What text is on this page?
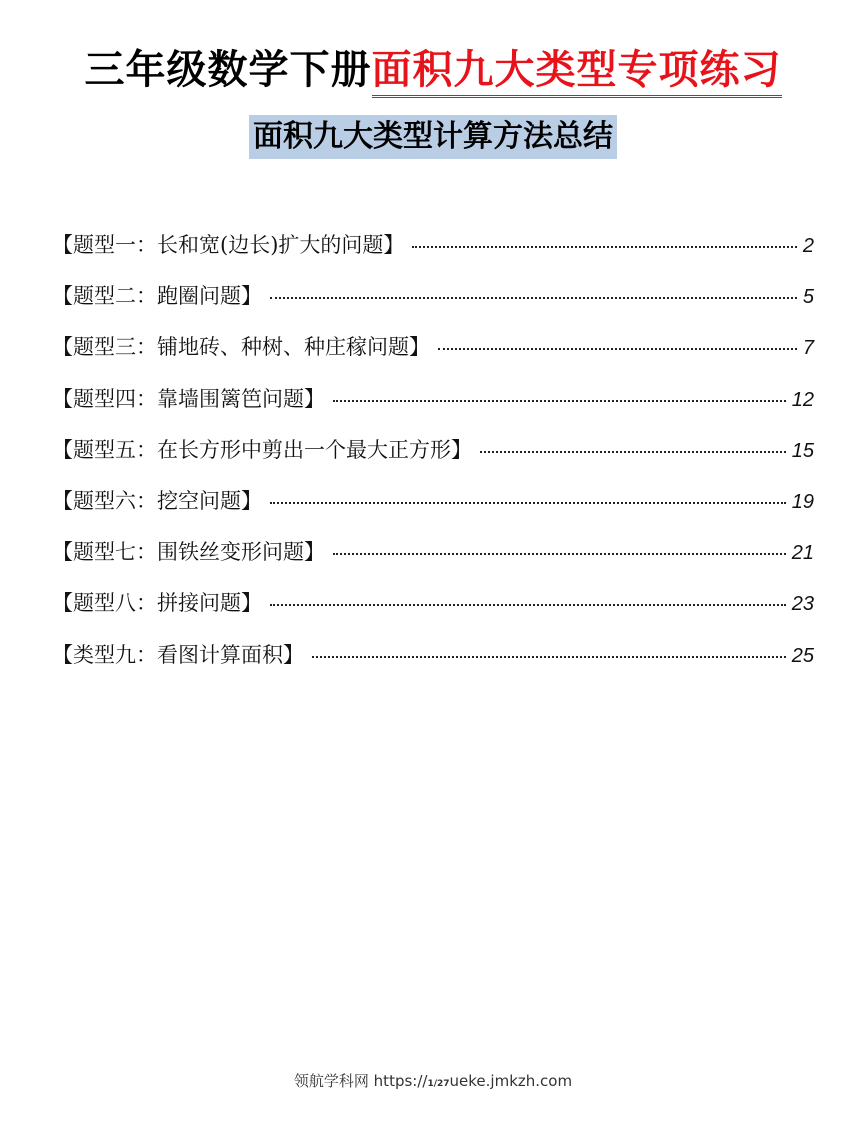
三年级数学下册面积九大类型专项练习
面积九大类型计算方法总结
【题型一：长和宽(边长)扩大的问题】	2
【题型二：跑圈问题】	5
【题型三：铺地砖、种树、种庄稼问题】	7
【题型四：靠墙围篱笆问题】	12
【题型五：在长方形中剪出一个最大正方形】	15
【题型六：挖空问题】	19
【题型七：围铁丝变形问题】	21
【题型八：拼接问题】	23
【类型九：看图计算面积】	25
领航学科网 https://1/27ueke.jmkzh.com
